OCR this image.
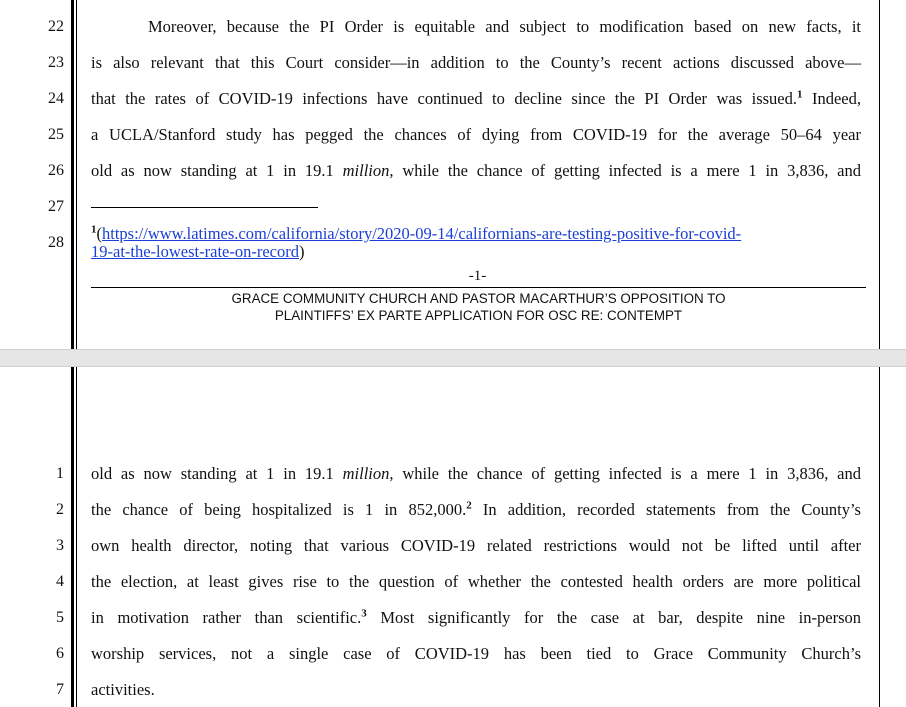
22
23
24
25
26
27
28
Moreover, because the PI Order is equitable and subject to modification based on new facts, it
is also relevant that this Court consider—in addition to the County’s recent actions discussed above—
that the rates of COVID-19 infections have continued to decline since the PI Order was issued.$^1$ Indeed,
a UCLA/Stanford study has pegged the chances of dying from COVID-19 for the average 50–64 year
old as now standing at 1 in 19.1 million, while the chance of getting infected is a mere 1 in 3,836, and
$^1$(https://www.latimes.com/california/story/2020-09-14/californians-are-testing-positive-for-covid-
19-at-the-lowest-rate-on-record)
-1-
GRACE COMMUNITY CHURCH AND PASTOR MACARTHUR’S OPPOSITION TO
PLAINTIFFS’ EX PARTE APPLICATION FOR OSC RE: CONTEMPT
1
2
3
4
5
6
7
old as now standing at 1 in 19.1 million, while the chance of getting infected is a mere 1 in 3,836, and
the chance of being hospitalized is 1 in 852,000.$^2$ In addition, recorded statements from the County’s
own health director, noting that various COVID-19 related restrictions would not be lifted until after
the election, at least gives rise to the question of whether the contested health orders are more political
in motivation rather than scientific.$^3$ Most significantly for the case at bar, despite nine in-person
worship services, not a single case of COVID-19 has been tied to Grace Community Church’s
activities.
